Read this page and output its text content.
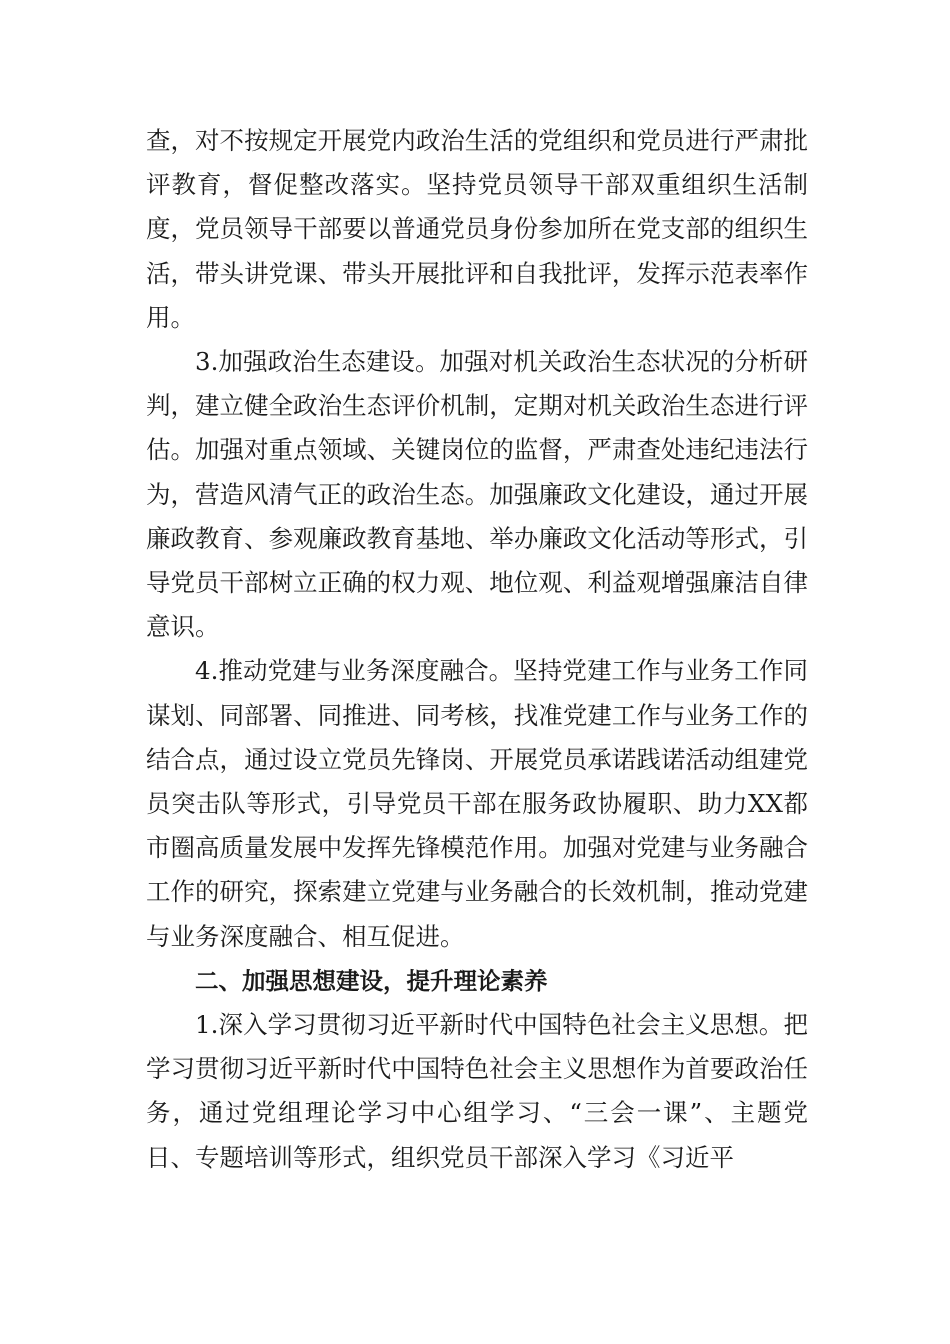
查，对不按规定开展党内政治生活的党组织和党员进行严肃批评教育，督促整改落实。坚持党员领导干部双重组织生活制度，党员领导干部要以普通党员身份参加所在党支部的组织生活，带头讲党课、带头开展批评和自我批评，发挥示范表率作用。

3.加强政治生态建设。加强对机关政治生态状况的分析研判，建立健全政治生态评价机制，定期对机关政治生态进行评估。加强对重点领域、关键岗位的监督，严肃查处违纪违法行为，营造风清气正的政治生态。加强廉政文化建设，通过开展廉政教育、参观廉政教育基地、举办廉政文化活动等形式，引导党员干部树立正确的权力观、地位观、利益观增强廉洁自律意识。

4.推动党建与业务深度融合。坚持党建工作与业务工作同谋划、同部署、同推进、同考核，找准党建工作与业务工作的结合点，通过设立党员先锋岗、开展党员承诺践诺活动组建党员突击队等形式，引导党员干部在服务政协履职、助力XX都市圈高质量发展中发挥先锋模范作用。加强对党建与业务融合工作的研究，探索建立党建与业务融合的长效机制，推动党建与业务深度融合、相互促进。

二、加强思想建设，提升理论素养

1.深入学习贯彻习近平新时代中国特色社会主义思想。把学习贯彻习近平新时代中国特色社会主义思想作为首要政治任务，通过党组理论学习中心组学习、“三会一课”、主题党日、专题培训等形式，组织党员干部深入学习《习近平
